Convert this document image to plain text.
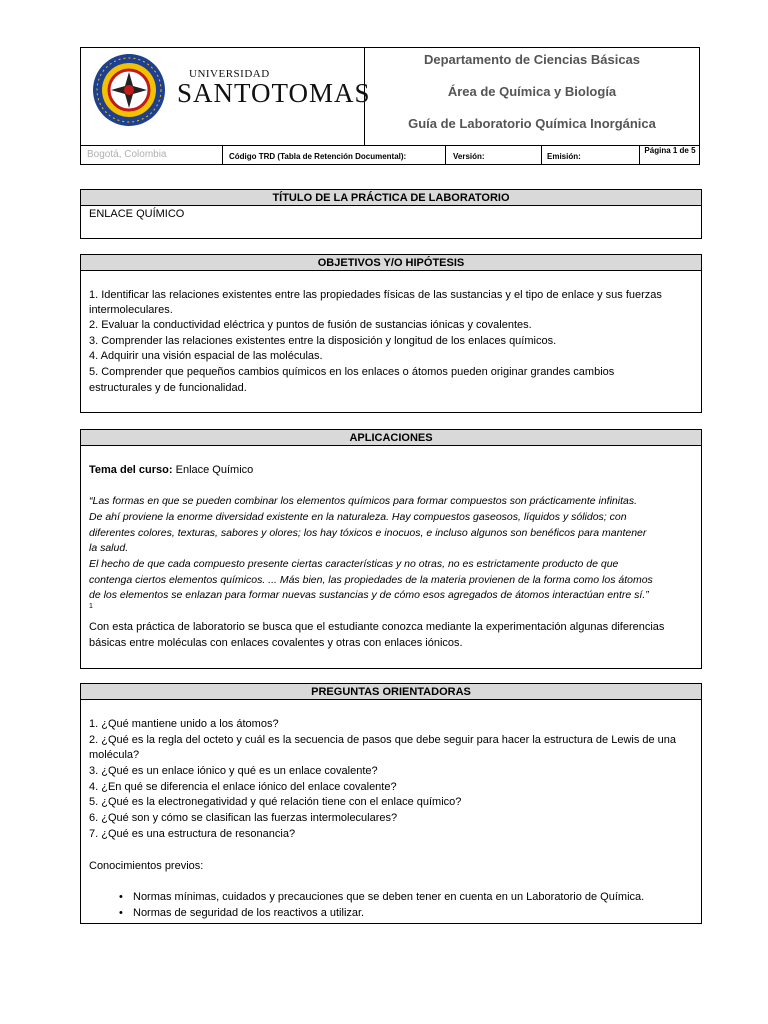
UNIVERSIDAD
SANTOTOMAS
Departamento de Ciencias Básicas
Área de Química y Biología
Guía de Laboratorio Química Inorgánica
Bogotá, Colombia	Código TRD (Tabla de Retención Documental):	Versión:	Emisión:
Página 1 de 5
TÍTULO DE LA PRÁCTICA DE LABORATORIO
ENLACE QUÍMICO
OBJETIVOS Y/O HIPÓTESIS
1. Identificar las relaciones existentes entre las propiedades físicas de las sustancias y el tipo de enlace y sus fuerzas
intermoleculares.
2. Evaluar la conductividad eléctrica y puntos de fusión de sustancias iónicas y covalentes.
3. Comprender las relaciones existentes entre la disposición y longitud de los enlaces químicos.
4. Adquirir una visión espacial de las moléculas.
5. Comprender que pequeños cambios químicos en los enlaces o átomos pueden originar grandes cambios
estructurales y de funcionalidad.
APLICACIONES
Tema del curso: Enlace Químico
“Las formas en que se pueden combinar los elementos químicos para formar compuestos son prácticamente infinitas.
De ahí proviene la enorme diversidad existente en la naturaleza. Hay compuestos gaseosos, líquidos y sólidos; con
diferentes colores, texturas, sabores y olores; los hay tóxicos e inocuos, e incluso algunos son benéficos para mantener
la salud.
El hecho de que cada compuesto presente ciertas características y no otras, no es estrictamente producto de que
contenga ciertos elementos químicos. ... Más bien, las propiedades de la materia provienen de la forma como los átomos
de los elementos se enlazan para formar nuevas sustancias y de cómo esos agregados de átomos interactúan entre sí.”
1
Con esta práctica de laboratorio se busca que el estudiante conozca mediante la experimentación algunas diferencias
básicas entre moléculas con enlaces covalentes y otras con enlaces iónicos.
PREGUNTAS ORIENTADORAS
1. ¿Qué mantiene unido a los átomos?
2. ¿Qué es la regla del octeto y cuál es la secuencia de pasos que debe seguir para hacer la estructura de Lewis de una
molécula?
3. ¿Qué es un enlace iónico y qué es un enlace covalente?
4. ¿En qué se diferencia el enlace iónico del enlace covalente?
5. ¿Qué es la electronegatividad y qué relación tiene con el enlace químico?
6. ¿Qué son y cómo se clasifican las fuerzas intermoleculares?
7. ¿Qué es una estructura de resonancia?
Conocimientos previos:
• Normas mínimas, cuidados y precauciones que se deben tener en cuenta en un Laboratorio de Química.
• Normas de seguridad de los reactivos a utilizar.
